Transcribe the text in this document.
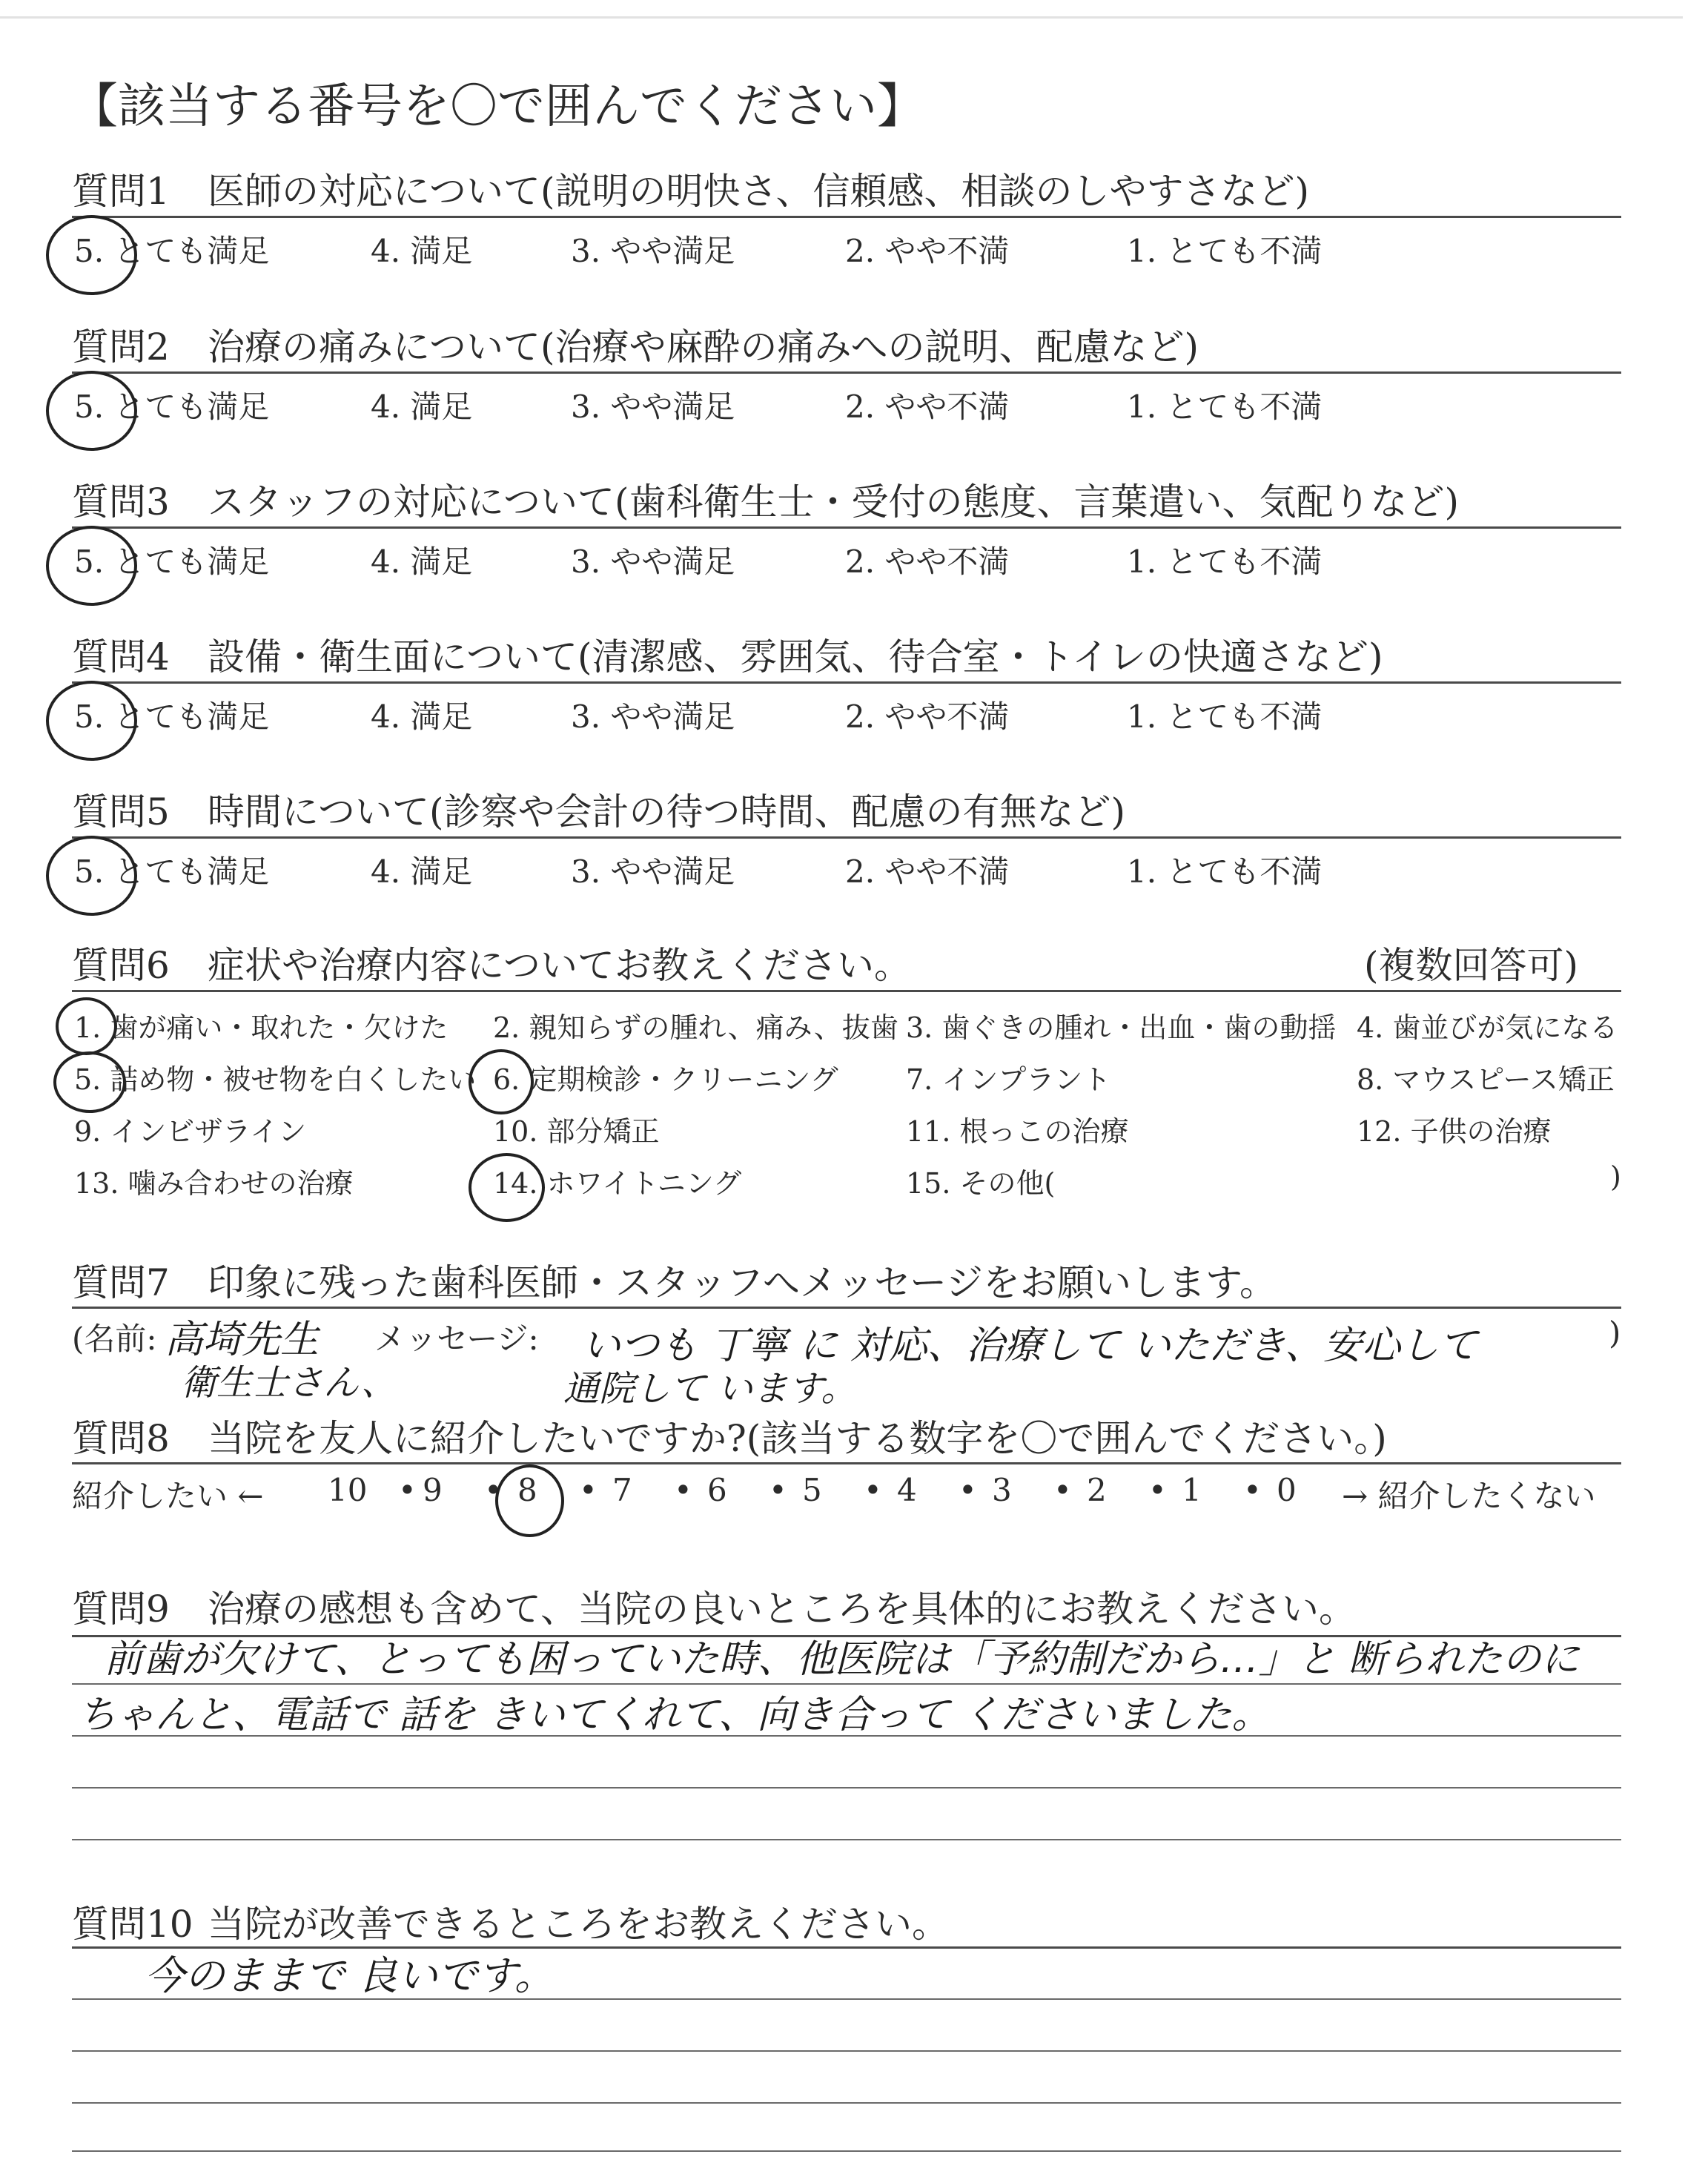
【該当する番号を〇で囲んでください】
質問1 医師の対応について(説明の明快さ、信頼感、相談のしやすさなど)
5. とても満足	4. 満足	3. やや満足	2. やや不満	1. とても不満
質問2 治療の痛みについて(治療や麻酔の痛みへの説明、配慮など)
5. とても満足	4. 満足	3. やや満足	2. やや不満	1. とても不満
質問3 スタッフの対応について(歯科衛生士・受付の態度、言葉遣い、気配りなど)
5. とても満足	4. 満足	3. やや満足	2. やや不満	1. とても不満
質問4 設備・衛生面について(清潔感、雰囲気、待合室・トイレの快適さなど)
5. とても満足	4. 満足	3. やや満足	2. やや不満	1. とても不満
質問5 時間について(診察や会計の待つ時間、配慮の有無など)
5. とても満足	4. 満足	3. やや満足	2. やや不満	1. とても不満
質問6 症状や治療内容についてお教えください。	(複数回答可)
1. 歯が痛い・取れた・欠けた 2. 親知らずの腫れ、痛み、抜歯 3. 歯ぐきの腫れ・出血・歯の動揺 4. 歯並びが気になる
5. 詰め物・被せ物を白くしたい 6. 定期検診・クリーニング 7. インプラント	8. マウスピース矯正
9. インビザライン	10. 部分矯正	11. 根っこの治療	12. 子供の治療
13. 噛み合わせの治療	14. ホワイトニング	15. その他(	)
質問7 印象に残った歯科医師・スタッフへメッセージをお願いします。
(名前: 高埼先生
衛生士さん、
メッセージ: いつも 丁寧 に 対応、治療して いただき、安心して
通院して います。
)
質問8 当院を友人に紹介したいですか?(該当する数字を〇で囲んでください。)
紹介したい ←	→ 紹介したくない
10 • 9 • 8 • 7 • 6 • 5 • 4 • 3 • 2 • 1 • 0
質問9 治療の感想も含めて、当院の良いところを具体的にお教えください。
前歯が欠けて、とっても困っていた時、他医院は「予約制だから…」と 断られたのに
ちゃんと、電話で 話を きいてくれて、向き合って くださいました。
質問10 当院が改善できるところをお教えください。
今のままで 良いです。
